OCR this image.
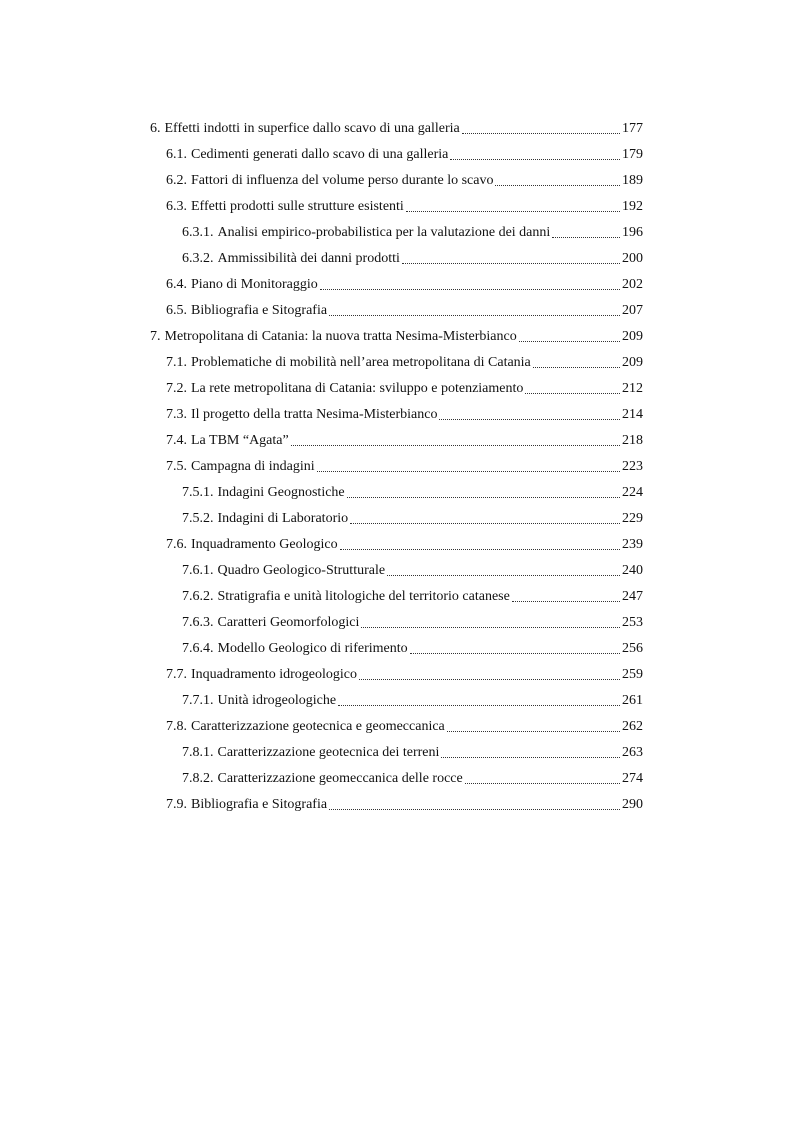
6. Effetti indotti in superfice dallo scavo di una galleria	177
6.1. Cedimenti generati dallo scavo di una galleria	179
6.2. Fattori di influenza del volume perso durante lo scavo	189
6.3. Effetti prodotti sulle strutture esistenti	192
6.3.1. Analisi empirico-probabilistica per la valutazione dei danni	196
6.3.2. Ammissibilità dei danni prodotti	200
6.4. Piano di Monitoraggio	202
6.5. Bibliografia e Sitografia	207
7. Metropolitana di Catania: la nuova tratta Nesima-Misterbianco	209
7.1. Problematiche di mobilità nell’area metropolitana di Catania	209
7.2. La rete metropolitana di Catania: sviluppo e potenziamento	212
7.3. Il progetto della tratta Nesima-Misterbianco	214
7.4. La TBM “Agata”	218
7.5. Campagna di indagini	223
7.5.1. Indagini Geognostiche	224
7.5.2. Indagini di Laboratorio	229
7.6. Inquadramento Geologico	239
7.6.1. Quadro Geologico-Strutturale	240
7.6.2. Stratigrafia e unità litologiche del territorio catanese	247
7.6.3. Caratteri Geomorfologici	253
7.6.4. Modello Geologico di riferimento	256
7.7. Inquadramento idrogeologico	259
7.7.1. Unità idrogeologiche	261
7.8. Caratterizzazione geotecnica e geomeccanica	262
7.8.1. Caratterizzazione geotecnica dei terreni	263
7.8.2. Caratterizzazione geomeccanica delle rocce	274
7.9. Bibliografia e Sitografia	290
